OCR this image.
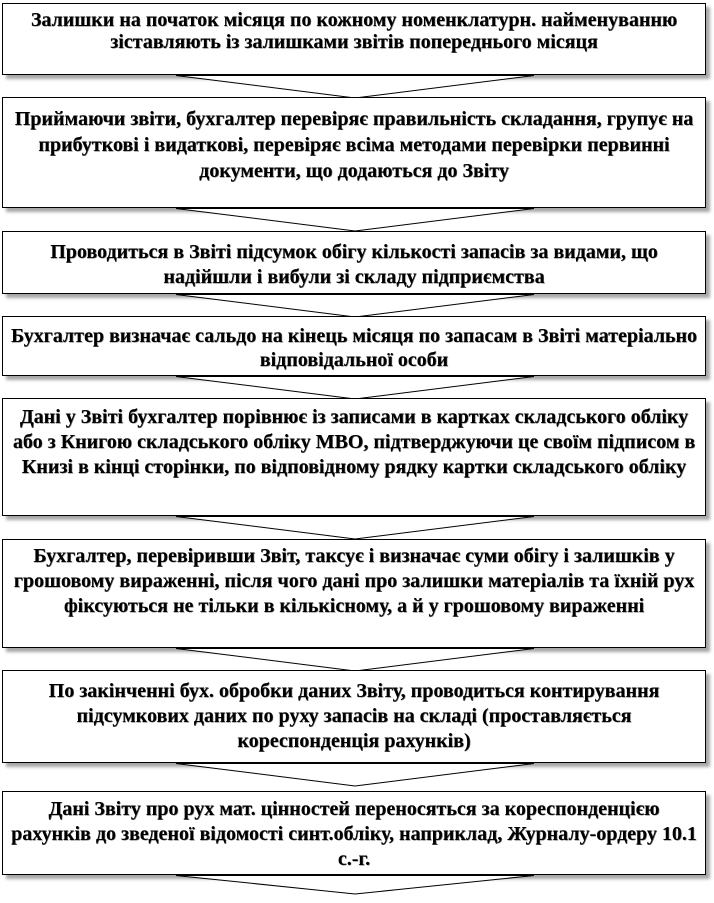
Залишки на початок місяця по кожному номенклатурн. найменуванню зіставляють із залишками звітів попереднього місяця
Приймаючи звіти, бухгалтер перевіряє правильність складання, групує на прибуткові і видаткові, перевіряє всіма методами перевірки первинні документи, що додаються до Звіту
Проводиться в Звіті підсумок обігу кількості запасів за видами, що надійшли і вибули зі складу підприємства
Бухгалтер визначає сальдо на кінець місяця по запасам в Звіті матеріально відповідальної особи
Дані у Звіті бухгалтер порівнює із записами в картках складського обліку або з Книгою складського обліку МВО, підтверджуючи це своїм підписом в Книзі в кінці сторінки, по відповідному рядку картки складського обліку
Бухгалтер, перевіривши Звіт, таксує і визначає суми обігу і залишків у грошовому вираженні, після чого дані про залишки матеріалів та їхній рух фіксуються не тільки в кількісному, а й у грошовому вираженні
По закінченні бух. обробки даних Звіту, проводиться контирування підсумкових даних по руху запасів на складі (проставляється кореспонденція рахунків)
Дані Звіту про рух мат. цінностей переносяться за кореспонденцією рахунків до зведеної відомості синт.обліку, наприклад, Журналу-ордеру 10.1 с.-г.
